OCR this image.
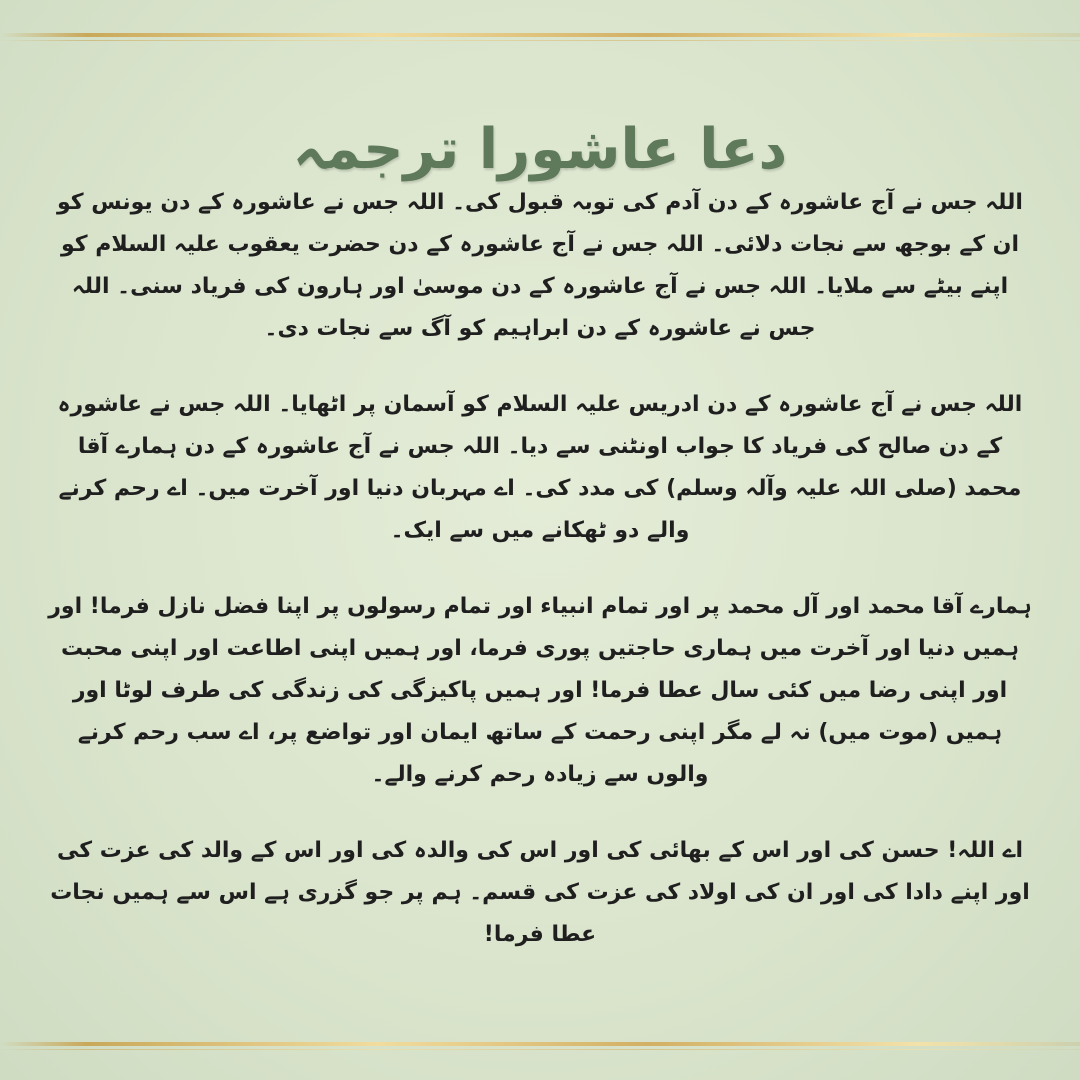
دعا عاشورا ترجمہ

اللہ جس نے آج عاشورہ کے دن آدم کی توبہ قبول کی۔ اللہ جس نے عاشورہ کے دن یونس کو ان کے بوجھ سے نجات دلائی۔ اللہ جس نے آج عاشورہ کے دن حضرت یعقوب علیہ السلام کو اپنے بیٹے سے ملایا۔ اللہ جس نے آج عاشورہ کے دن موسیٰ اور ہارون کی فریاد سنی۔ اللہ جس نے عاشورہ کے دن ابراہیم کو آگ سے نجات دی۔

اللہ جس نے آج عاشورہ کے دن ادریس علیہ السلام کو آسمان پر اٹھایا۔ اللہ جس نے عاشورہ کے دن صالح کی فریاد کا جواب اونٹنی سے دیا۔ اللہ جس نے آج عاشورہ کے دن ہمارے آقا محمد (صلی اللہ علیہ وآلہ وسلم) کی مدد کی۔ اے مہربان دنیا اور آخرت میں۔ اے رحم کرنے والے دو ٹھکانے میں سے ایک۔

ہمارے آقا محمد اور آل محمد پر اور تمام انبیاء اور تمام رسولوں پر اپنا فضل نازل فرما! اور ہمیں دنیا اور آخرت میں ہماری حاجتیں پوری فرما، اور ہمیں اپنی اطاعت اور اپنی محبت اور اپنی رضا میں کئی سال عطا فرما! اور ہمیں پاکیزگی کی زندگی کی طرف لوٹا اور ہمیں (موت میں) نہ لے مگر اپنی رحمت کے ساتھ ایمان اور تواضع پر، اے سب رحم کرنے والوں سے زیادہ رحم کرنے والے۔

اے اللہ! حسن کی اور اس کے بھائی کی اور اس کی والدہ کی اور اس کے والد کی عزت کی اور اپنے دادا کی اور ان کی اولاد کی عزت کی قسم۔ ہم پر جو گزری ہے اس سے ہمیں نجات عطا فرما!
